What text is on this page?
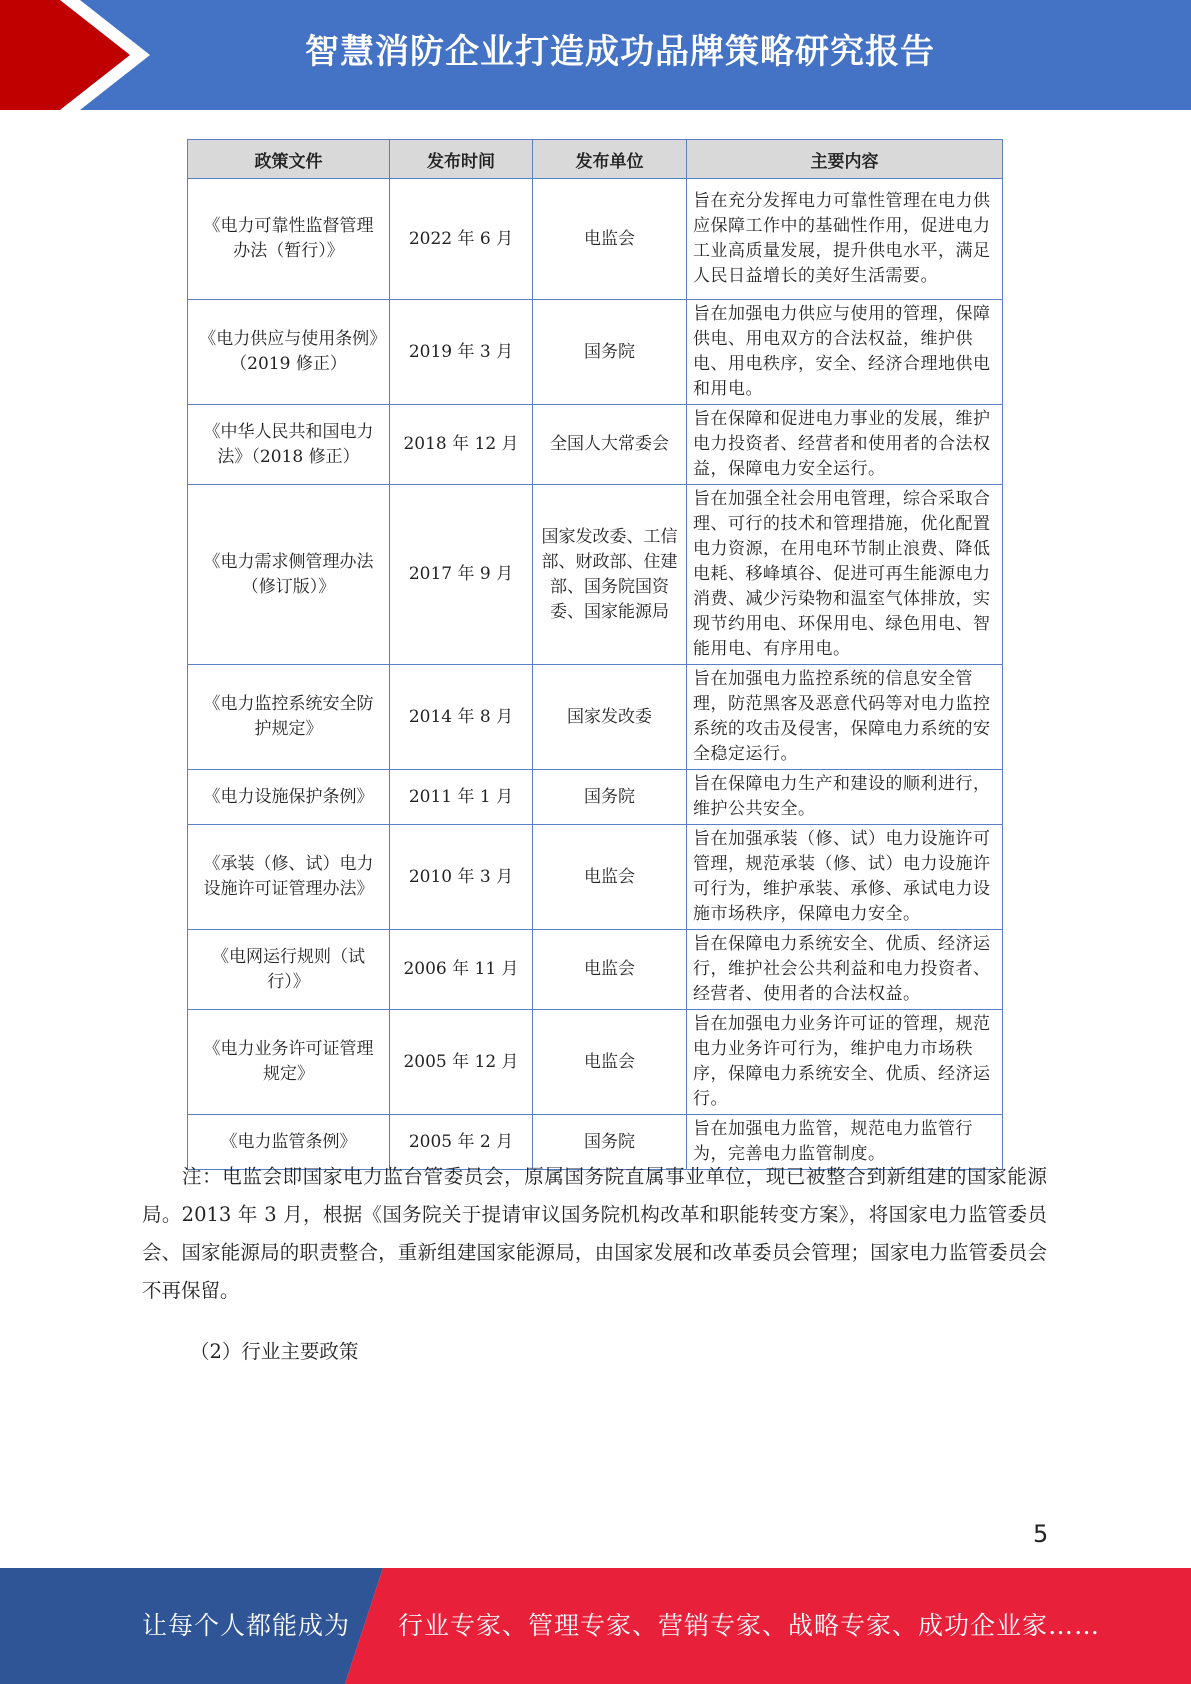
智慧消防企业打造成功品牌策略研究报告
政策文件	发布时间	发布单位	主要内容
《电力可靠性监督管理办法（暂行）》	2022 年 6 月	电监会	旨在充分发挥电力可靠性管理在电力供应保障工作中的基础性作用，促进电力工业高质量发展，提升供电水平，满足人民日益增长的美好生活需要。
《电力供应与使用条例》（2019 修正）	2019 年 3 月	国务院	旨在加强电力供应与使用的管理，保障供电、用电双方的合法权益，维护供电、用电秩序，安全、经济合理地供电和用电。
《中华人民共和国电力法》（2018 修正）	2018 年 12 月	全国人大常委会	旨在保障和促进电力事业的发展，维护电力投资者、经营者和使用者的合法权益，保障电力安全运行。
《电力需求侧管理办法（修订版）》	2017 年 9 月	国家发改委、工信部、财政部、住建部、国务院国资委、国家能源局	旨在加强全社会用电管理，综合采取合理、可行的技术和管理措施，优化配置电力资源，在用电环节制止浪费、降低电耗、移峰填谷、促进可再生能源电力消费、减少污染物和温室气体排放，实现节约用电、环保用电、绿色用电、智能用电、有序用电。
《电力监控系统安全防护规定》	2014 年 8 月	国家发改委	旨在加强电力监控系统的信息安全管理，防范黑客及恶意代码等对电力监控系统的攻击及侵害，保障电力系统的安全稳定运行。
《电力设施保护条例》	2011 年 1 月	国务院	旨在保障电力生产和建设的顺利进行，维护公共安全。
《承装（修、试）电力设施许可证管理办法》	2010 年 3 月	电监会	旨在加强承装（修、试）电力设施许可管理，规范承装（修、试）电力设施许可行为，维护承装、承修、承试电力设施市场秩序，保障电力安全。
《电网运行规则（试行）》	2006 年 11 月	电监会	旨在保障电力系统安全、优质、经济运行，维护社会公共利益和电力投资者、经营者、使用者的合法权益。
《电力业务许可证管理规定》	2005 年 12 月	电监会	旨在加强电力业务许可证的管理，规范电力业务许可行为，维护电力市场秩序，保障电力系统安全、优质、经济运行。
《电力监管条例》	2005 年 2 月	国务院	旨在加强电力监管，规范电力监管行为，完善电力监管制度。
注：电监会即国家电力监台管委员会，原属国务院直属事业单位，现已被整合到新组建的国家能源局。2013 年 3 月，根据《国务院关于提请审议国务院机构改革和职能转变方案》，将国家电力监管委员会、国家能源局的职责整合，重新组建国家能源局，由国家发展和改革委员会管理；国家电力监管委员会不再保留。
（2）行业主要政策
5
让每个人都能成为 行业专家、管理专家、营销专家、战略专家、成功企业家……
